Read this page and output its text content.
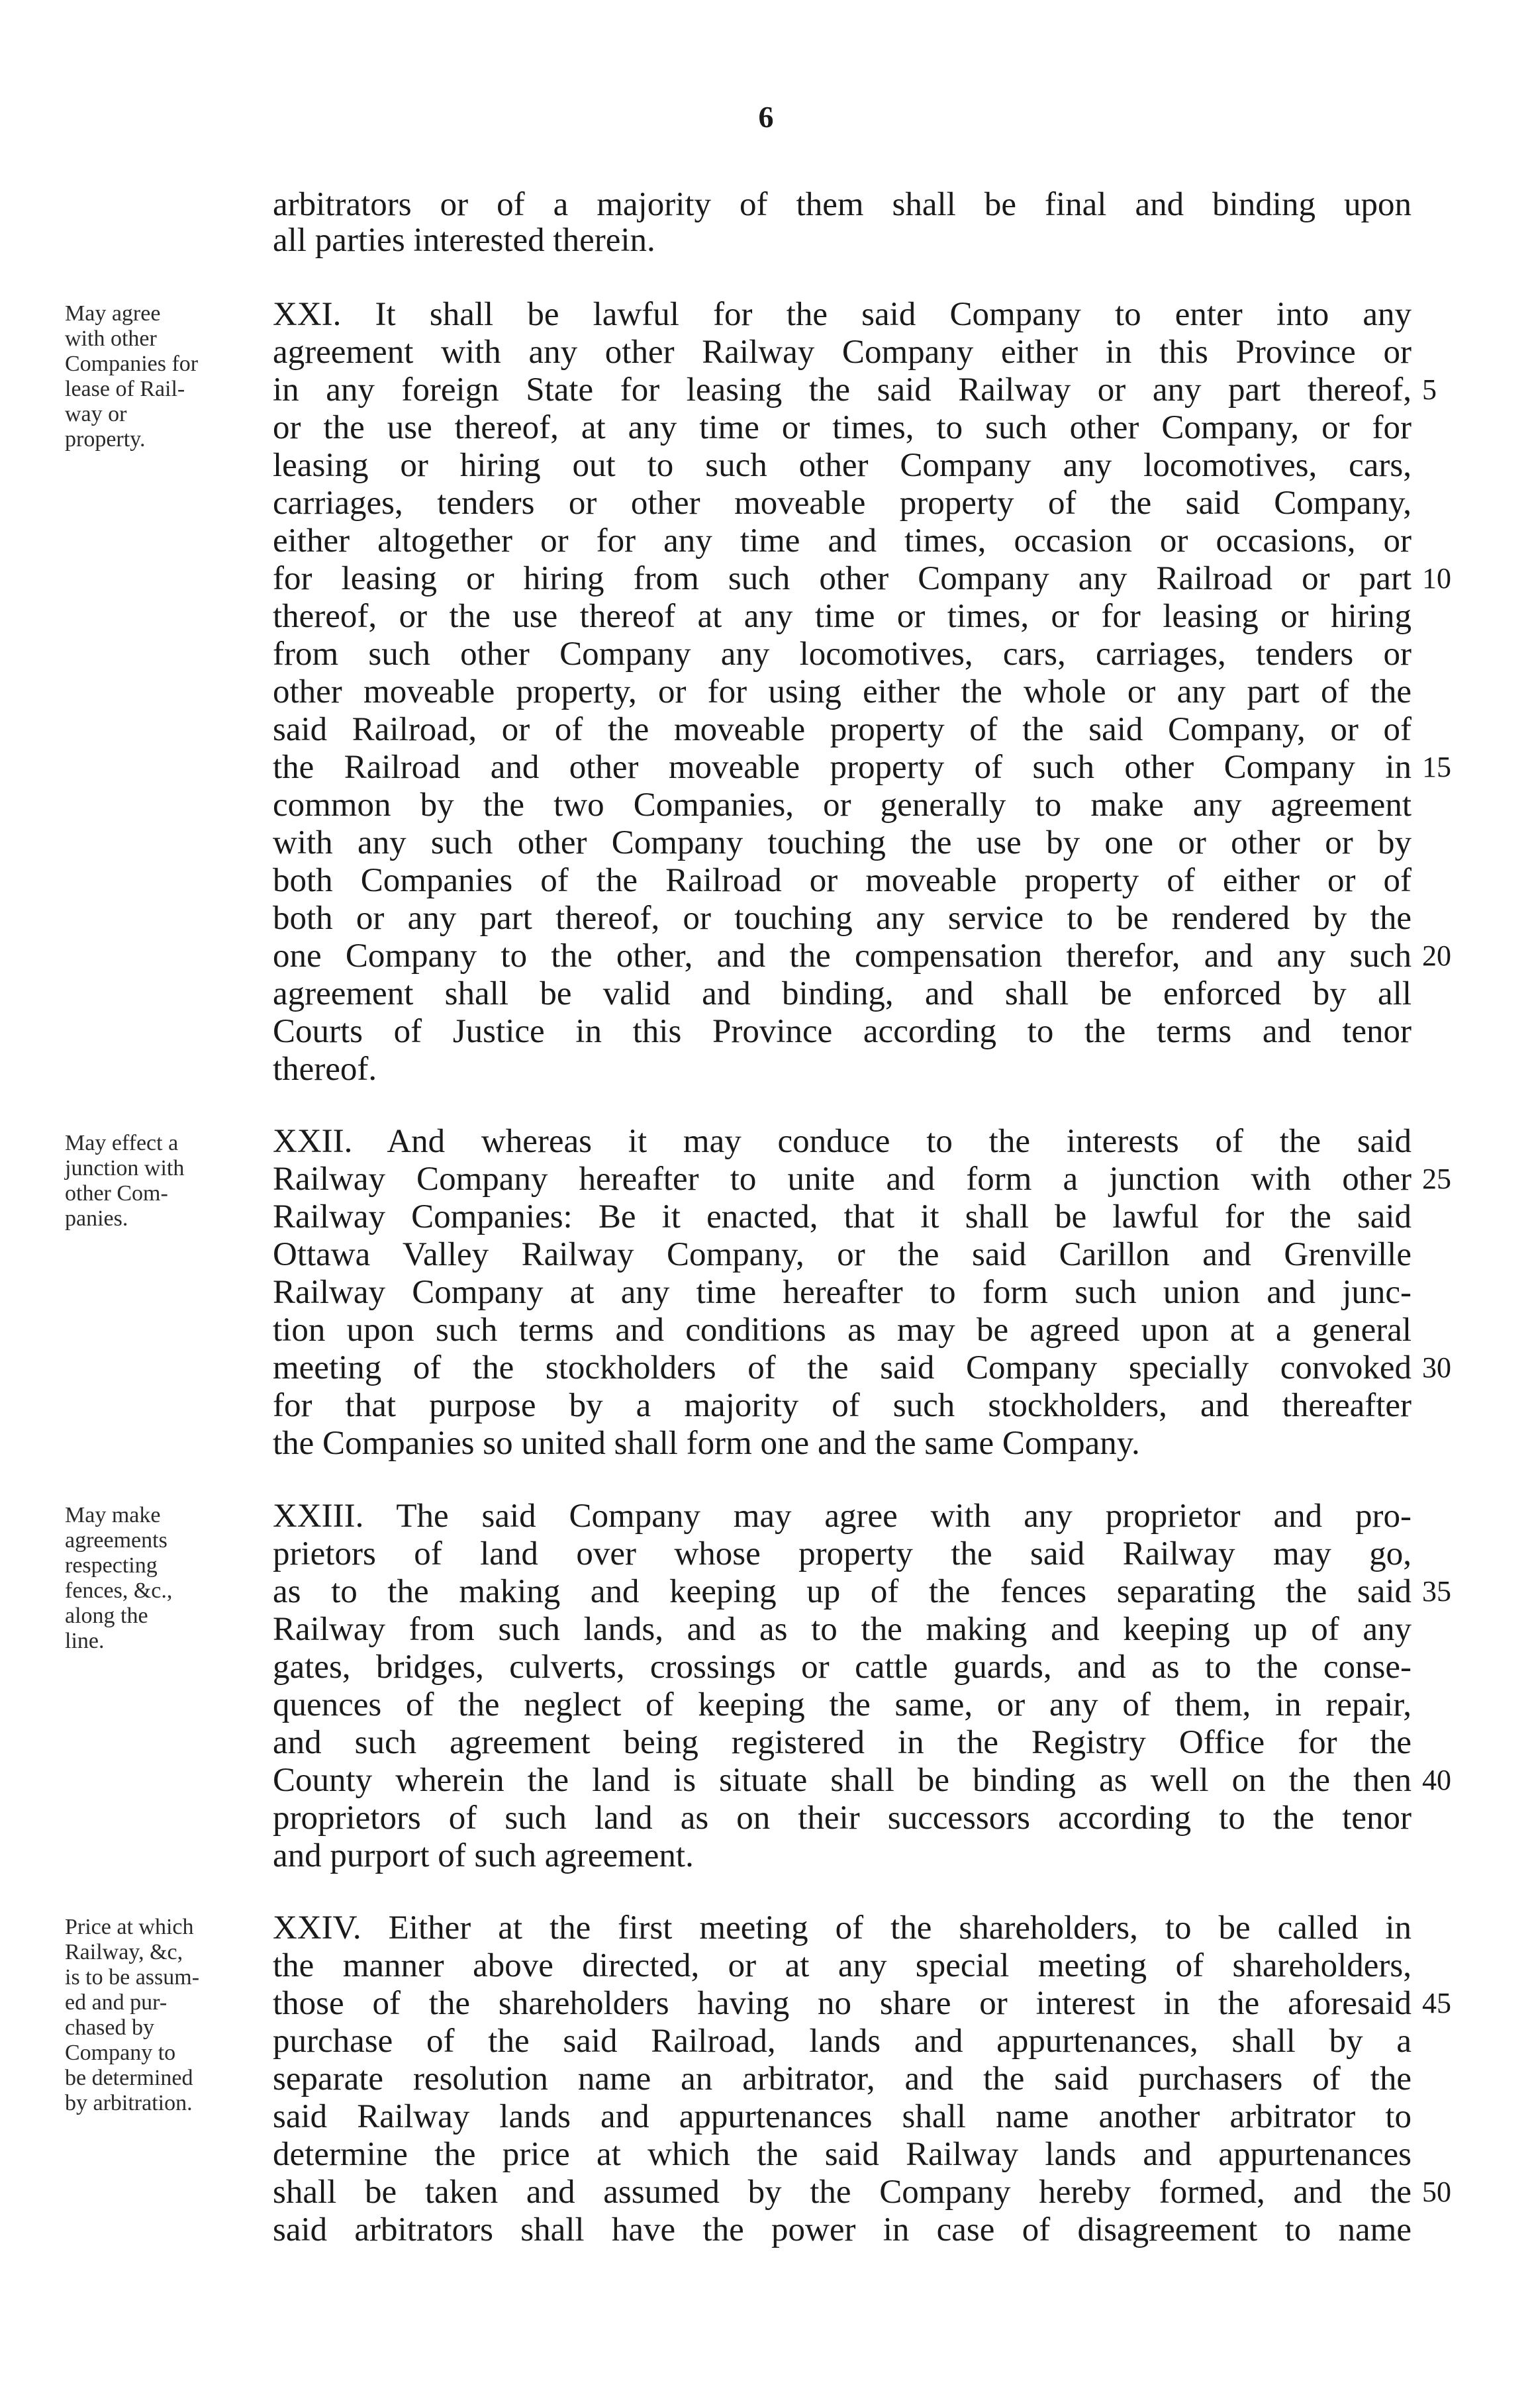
6
arbitrators or of a majority of them shall be final and binding upon
all parties interested therein.
XXI. It shall be lawful for the said Company to enter into any
agreement with any other Railway Company either in this Province or
in any foreign State for leasing the said Railway or any part thereof,
or the use thereof, at any time or times, to such other Company, or for
leasing or hiring out to such other Company any locomotives, cars,
carriages, tenders or other moveable property of the said Company,
either altogether or for any time and times, occasion or occasions, or
for leasing or hiring from such other Company any Railroad or part
thereof, or the use thereof at any time or times, or for leasing or hiring
from such other Company any locomotives, cars, carriages, tenders or
other moveable property, or for using either the whole or any part of the
said Railroad, or of the moveable property of the said Company, or of
the Railroad and other moveable property of such other Company in
common by the two Companies, or generally to make any agreement
with any such other Company touching the use by one or other or by
both Companies of the Railroad or moveable property of either or of
both or any part thereof, or touching any service to be rendered by the
one Company to the other, and the compensation therefor, and any such
agreement shall be valid and binding, and shall be enforced by all
Courts of Justice in this Province according to the terms and tenor
thereof.
XXII. And whereas it may conduce to the interests of the said
Railway Company hereafter to unite and form a junction with other
Railway Companies: Be it enacted, that it shall be lawful for the said
Ottawa Valley Railway Company, or the said Carillon and Grenville
Railway Company at any time hereafter to form such union and junc-
tion upon such terms and conditions as may be agreed upon at a general
meeting of the stockholders of the said Company specially convoked
for that purpose by a majority of such stockholders, and thereafter
the Companies so united shall form one and the same Company.
XXIII. The said Company may agree with any proprietor and pro-
prietors of land over whose property the said Railway may go,
as to the making and keeping up of the fences separating the said
Railway from such lands, and as to the making and keeping up of any
gates, bridges, culverts, crossings or cattle guards, and as to the conse-
quences of the neglect of keeping the same, or any of them, in repair,
and such agreement being registered in the Registry Office for the
County wherein the land is situate shall be binding as well on the then
proprietors of such land as on their successors according to the tenor
and purport of such agreement.
XXIV. Either at the first meeting of the shareholders, to be called in
the manner above directed, or at any special meeting of shareholders,
those of the shareholders having no share or interest in the aforesaid
purchase of the said Railroad, lands and appurtenances, shall by a
separate resolution name an arbitrator, and the said purchasers of the
said Railway lands and appurtenances shall name another arbitrator to
determine the price at which the said Railway lands and appurtenances
shall be taken and assumed by the Company hereby formed, and the
said arbitrators shall have the power in case of disagreement to name
5
10
15
20
25
30
35
40
45
50
May agree
with other
Companies for
lease of Rail-
way or
property.
May effect a
junction with
other Com-
panies.
May make
agreements
respecting
fences, &c.,
along the
line.
Price at which
Railway, &c,
is to be assum-
ed and pur-
chased by
Company to
be determined
by arbitration.
